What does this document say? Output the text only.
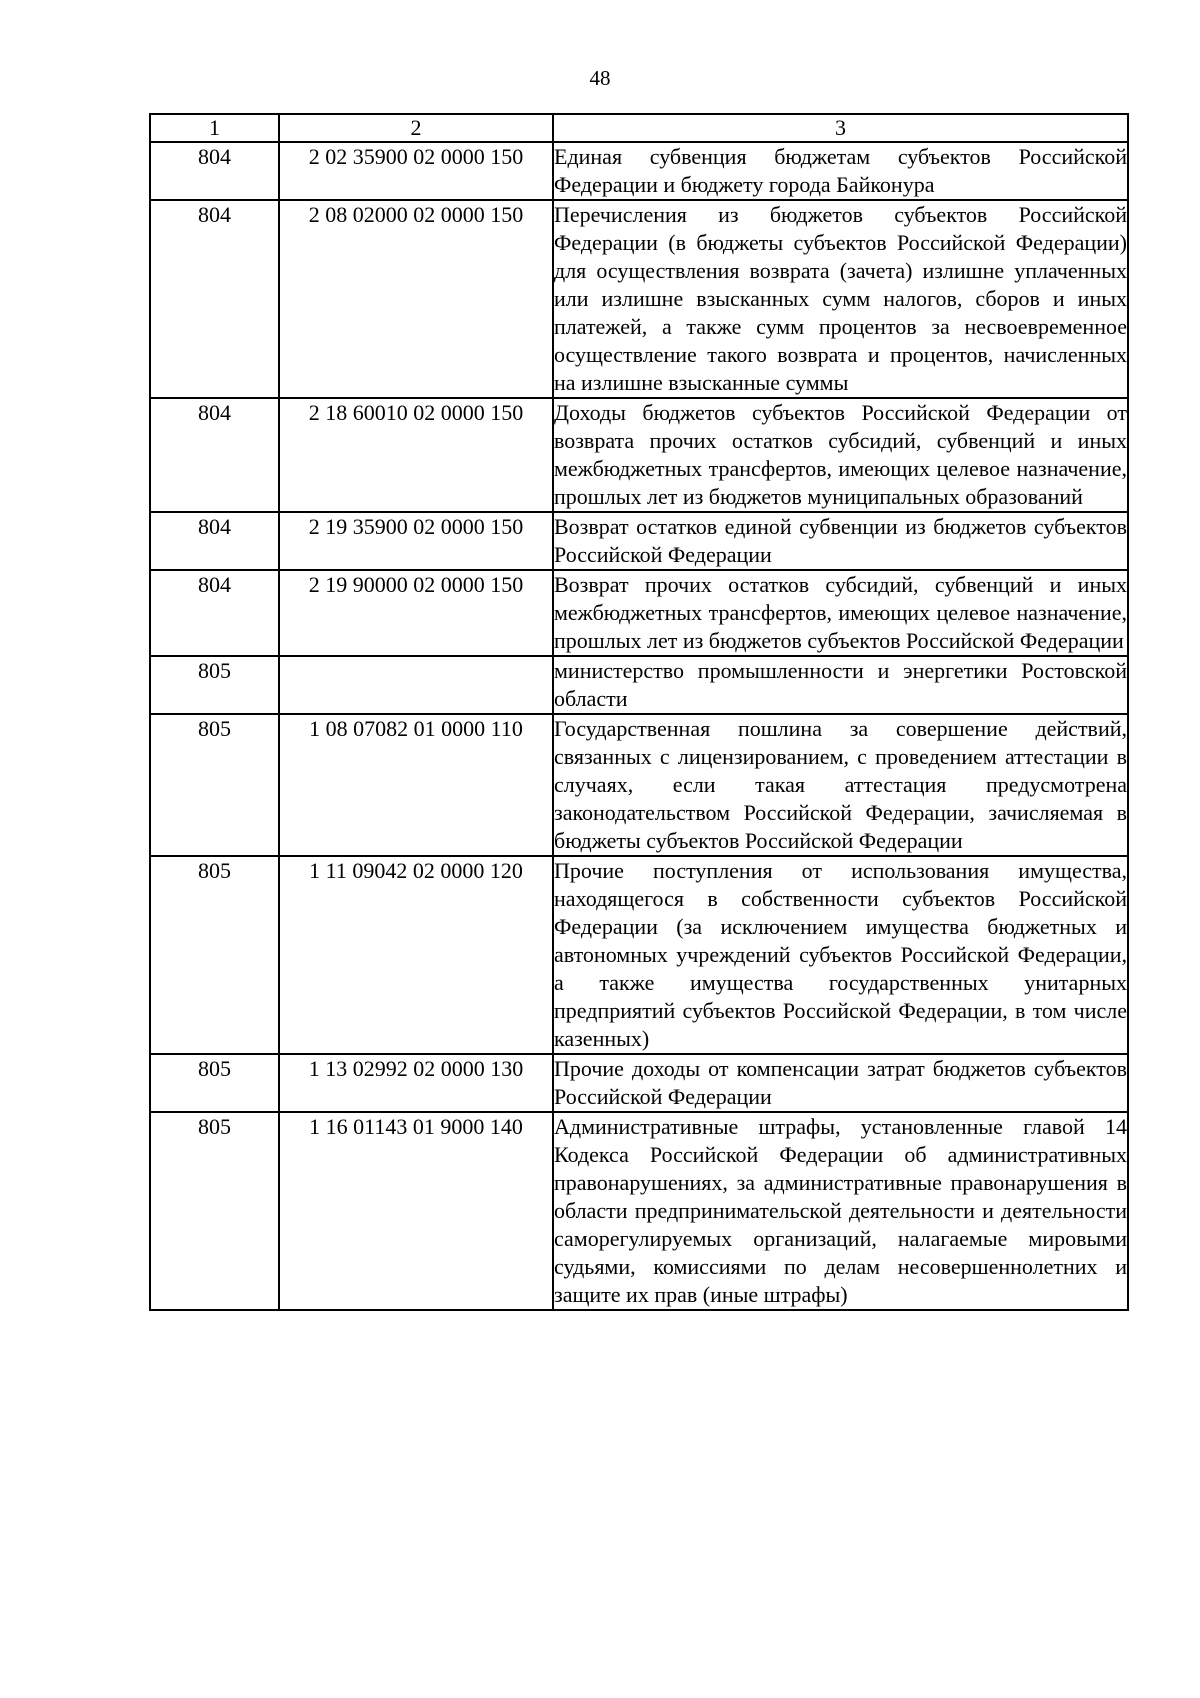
48
1	2	3
804	2 02 35900 02 0000 150	Единая субвенция бюджетам субъектов Российской Федерации и бюджету города Байконура
804	2 08 02000 02 0000 150	Перечисления из бюджетов субъектов Российской Федерации (в бюджеты субъектов Российской Федерации) для осуществления возврата (зачета) излишне уплаченных или излишне взысканных сумм налогов, сборов и иных платежей, а также сумм процентов за несвоевременное осуществление такого возврата и процентов, начисленных на излишне взысканные суммы
804	2 18 60010 02 0000 150	Доходы бюджетов субъектов Российской Федерации от возврата прочих остатков субсидий, субвенций и иных межбюджетных трансфертов, имеющих целевое назначение, прошлых лет из бюджетов муниципальных образований
804	2 19 35900 02 0000 150	Возврат остатков единой субвенции из бюджетов субъектов Российской Федерации
804	2 19 90000 02 0000 150	Возврат прочих остатков субсидий, субвенций и иных межбюджетных трансфертов, имеющих целевое назначение, прошлых лет из бюджетов субъектов Российской Федерации
805		министерство промышленности и энергетики Ростовской области
805	1 08 07082 01 0000 110	Государственная пошлина за совершение действий, связанных с лицензированием, с проведением аттестации в случаях, если такая аттестация предусмотрена законодательством Российской Федерации, зачисляемая в бюджеты субъектов Российской Федерации
805	1 11 09042 02 0000 120	Прочие поступления от использования имущества, находящегося в собственности субъектов Российской Федерации (за исключением имущества бюджетных и автономных учреждений субъектов Российской Федерации, а также имущества государственных унитарных предприятий субъектов Российской Федерации, в том числе казенных)
805	1 13 02992 02 0000 130	Прочие доходы от компенсации затрат бюджетов субъектов Российской Федерации
805	1 16 01143 01 9000 140	Административные штрафы, установленные главой 14 Кодекса Российской Федерации об административных правонарушениях, за административные правонарушения в области предпринимательской деятельности и деятельности саморегулируемых организаций, налагаемые мировыми судьями, комиссиями по делам несовершеннолетних и защите их прав (иные штрафы)
